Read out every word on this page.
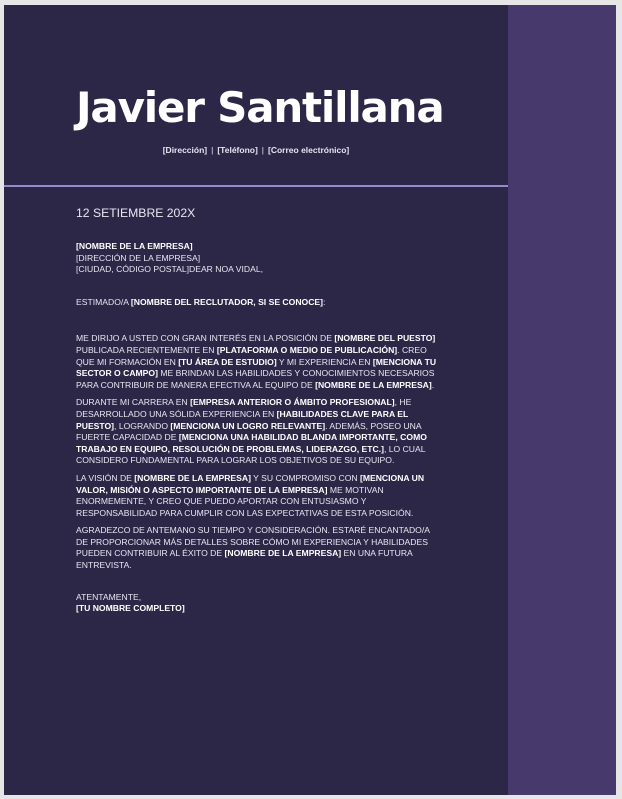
Javier Santillana
[Dirección] | [Teléfono] | [Correo electrónico]

12 SETIEMBRE 202X

[NOMBRE DE LA EMPRESA]
[DIRECCIÓN DE LA EMPRESA]
[CIUDAD, CÓDIGO POSTAL]DEAR NOA VIDAL,

ESTIMADO/A [NOMBRE DEL RECLUTADOR, SI SE CONOCE]:

ME DIRIJO A USTED CON GRAN INTERÉS EN LA POSICIÓN DE [NOMBRE DEL PUESTO] PUBLICADA RECIENTEMENTE EN [PLATAFORMA O MEDIO DE PUBLICACIÓN]. CREO QUE MI FORMACIÓN EN [TU ÁREA DE ESTUDIO] Y MI EXPERIENCIA EN [MENCIONA TU SECTOR O CAMPO] ME BRINDAN LAS HABILIDADES Y CONOCIMIENTOS NECESARIOS PARA CONTRIBUIR DE MANERA EFECTIVA AL EQUIPO DE [NOMBRE DE LA EMPRESA].

DURANTE MI CARRERA EN [EMPRESA ANTERIOR O ÁMBITO PROFESIONAL], HE DESARROLLADO UNA SÓLIDA EXPERIENCIA EN [HABILIDADES CLAVE PARA EL PUESTO], LOGRANDO [MENCIONA UN LOGRO RELEVANTE]. ADEMÁS, POSEO UNA FUERTE CAPACIDAD DE [MENCIONA UNA HABILIDAD BLANDA IMPORTANTE, COMO TRABAJO EN EQUIPO, RESOLUCIÓN DE PROBLEMAS, LIDERAZGO, ETC.], LO CUAL CONSIDERO FUNDAMENTAL PARA LOGRAR LOS OBJETIVOS DE SU EQUIPO.

LA VISIÓN DE [NOMBRE DE LA EMPRESA] Y SU COMPROMISO CON [MENCIONA UN VALOR, MISIÓN O ASPECTO IMPORTANTE DE LA EMPRESA] ME MOTIVAN ENORMEMENTE, Y CREO QUE PUEDO APORTAR CON ENTUSIASMO Y RESPONSABILIDAD PARA CUMPLIR CON LAS EXPECTATIVAS DE ESTA POSICIÓN.

AGRADEZCO DE ANTEMANO SU TIEMPO Y CONSIDERACIÓN. ESTARÉ ENCANTADO/A DE PROPORCIONAR MÁS DETALLES SOBRE CÓMO MI EXPERIENCIA Y HABILIDADES PUEDEN CONTRIBUIR AL ÉXITO DE [NOMBRE DE LA EMPRESA] EN UNA FUTURA ENTREVISTA.

ATENTAMENTE,
[TU NOMBRE COMPLETO]
